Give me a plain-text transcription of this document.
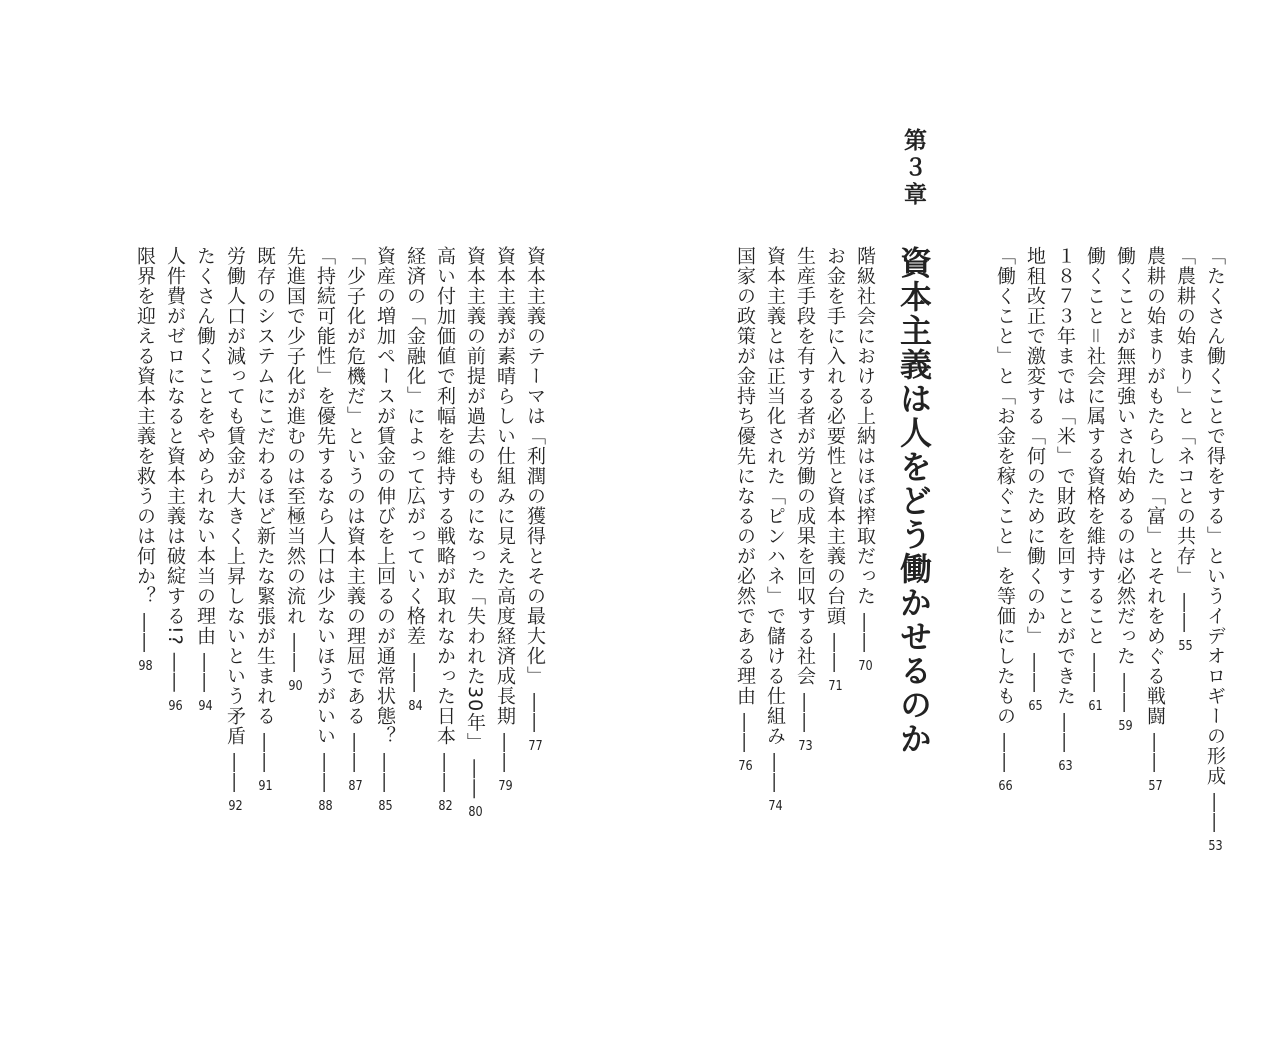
「たくさん働くことで得をする」というイデオロギーの形成 ―― 53
「農耕の始まり」と「ネコとの共存」 ―― 55
農耕の始まりがもたらした「富」とそれをめぐる戦闘 ―― 57
働くことが無理強いされ始めるのは必然だった ―― 59
働くこと＝社会に属する資格を維持すること ―― 61
１８７３年までは「米」で財政を回すことができた ―― 63
地租改正で激変する「何のために働くのか」 ―― 65
「働くこと」と「お金を稼ぐこと」を等価にしたもの ―― 66
第３章
資本主義は人をどう働かせるのか
階級社会における上納はほぼ搾取だった ―― 70
お金を手に入れる必要性と資本主義の台頭 ―― 71
生産手段を有する者が労働の成果を回収する社会 ―― 73
資本主義とは正当化された「ピンハネ」で儲ける仕組み ―― 74
国家の政策が金持ち優先になるのが必然である理由 ―― 76
資本主義のテーマは「利潤の獲得とその最大化」 ―― 77
資本主義が素晴らしい仕組みに見えた高度経済成長期 ―― 79
資本主義の前提が過去のものになった「失われた30年」 ―― 80
高い付加価値で利幅を維持する戦略が取れなかった日本 ―― 82
経済の「金融化」によって広がっていく格差 ―― 84
資産の増加ペースが賃金の伸びを上回るのが通常状態？ ―― 85
「少子化が危機だ」というのは資本主義の理屈である ―― 87
「持続可能性」を優先するなら人口は少ないほうがいい ―― 88
先進国で少子化が進むのは至極当然の流れ ―― 90
既存のシステムにこだわるほど新たな緊張が生まれる ―― 91
労働人口が減っても賃金が大きく上昇しないという矛盾 ―― 92
たくさん働くことをやめられない本当の理由 ―― 94
人件費がゼロになると資本主義は破綻する!? ―― 96
限界を迎える資本主義を救うのは何か？ ―― 98
